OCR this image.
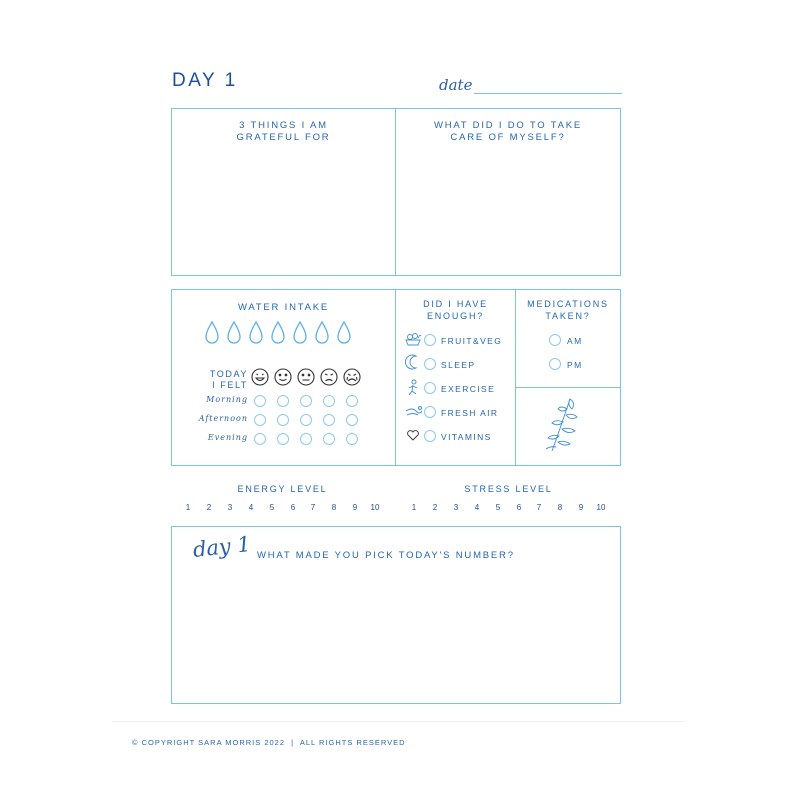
DAY 1	date
3 THINGS I AM
GRATEFUL FOR
WHAT DID I DO TO TAKE
CARE OF MYSELF?
WATER INTAKE
TODAY
I FELT
Morning
Afternoon
Evening
DID I HAVE
ENOUGH?
FRUIT&VEG
SLEEP
EXERCISE
FRESH AIR
VITAMINS
MEDICATIONS
TAKEN?
AM
PM
ENERGY LEVEL
1	2	3	4	5	6	7	8	9	10
STRESS LEVEL
1	2	3	4	5	6	7	8	9	10
day 1 WHAT MADE YOU PICK TODAY'S NUMBER?
© COPYRIGHT SARA MORRIS 2022  |  ALL RIGHTS RESERVED
